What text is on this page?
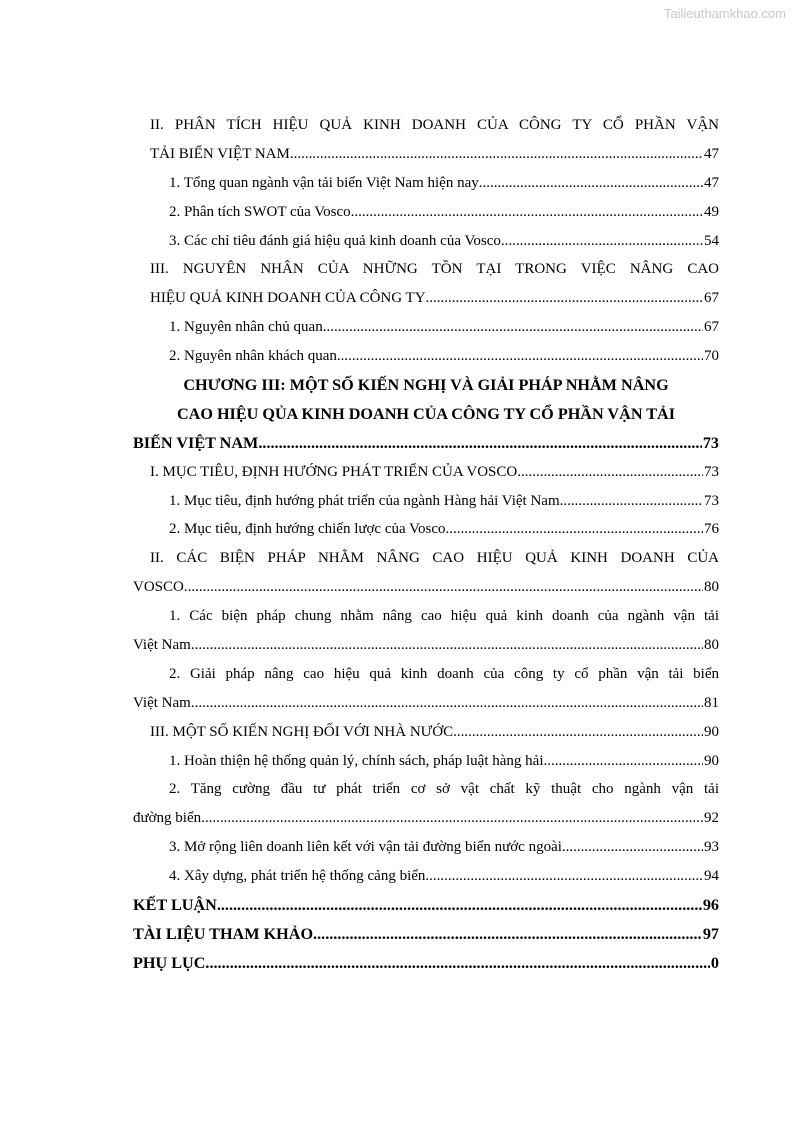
Tailieuthamkhao.com
II. PHÂN TÍCH HIỆU QUẢ KINH DOANH CỦA CÔNG TY CỔ PHẦN VẬN
TẢI BIỂN VIỆT NAM .....	47
1. Tổng quan ngành vận tải biển Việt Nam hiện nay .....	47
2. Phân tích SWOT của Vosco .....	49
3. Các chỉ tiêu đánh giá hiệu quả kinh doanh của Vosco .....	54
III. NGUYÊN NHÂN CỦA NHỮNG TỒN TẠI TRONG VIỆC NÂNG CAO
HIỆU QUẢ KINH DOANH CỦA CÔNG TY .....	67
1. Nguyên nhân chủ quan .....	67
2. Nguyên nhân khách quan .....	70
CHƯƠNG III: MỘT SỐ KIẾN NGHỊ VÀ GIẢI PHÁP NHẰM NÂNG
CAO HIỆU QỦA KINH DOANH CỦA CÔNG TY CỔ PHẦN VẬN TẢI
BIỂN VIỆT NAM .....	73
I. MỤC TIÊU, ĐỊNH HƯỚNG PHÁT TRIỂN CỦA VOSCO .....	73
1. Mục tiêu, định hướng phát triển của ngành Hàng hải Việt Nam .....	73
2. Mục tiêu, định hướng chiến lược của Vosco .....	76
II. CÁC BIỆN PHÁP NHẰM NÂNG CAO HIỆU QUẢ KINH DOANH CỦA
VOSCO .....	80
1. Các biện pháp chung nhằm nâng cao hiệu quả kinh doanh của ngành vận tải
Việt Nam .....	80
2. Giải pháp nâng cao hiệu quả kinh doanh của công ty cổ phần vận tải biển
Việt Nam .....	81
III. MỘT SỐ KIẾN NGHỊ ĐỐI VỚI NHÀ NƯỚC .....	90
1. Hoàn thiện hệ thống quản lý, chính sách, pháp luật hàng hải .....	90
2. Tăng cường đầu tư phát triển cơ sở vật chất kỹ thuật cho ngành vận tải
đường biển .....	92
3. Mở rộng liên doanh liên kết với vận tải đường biển nước ngoài .....	93
4. Xây dựng, phát triển hệ thống cảng biển .....	94
KẾT LUẬN .....	96
TÀI LIỆU THAM KHẢO .....	97
PHỤ LỤC .....	0
